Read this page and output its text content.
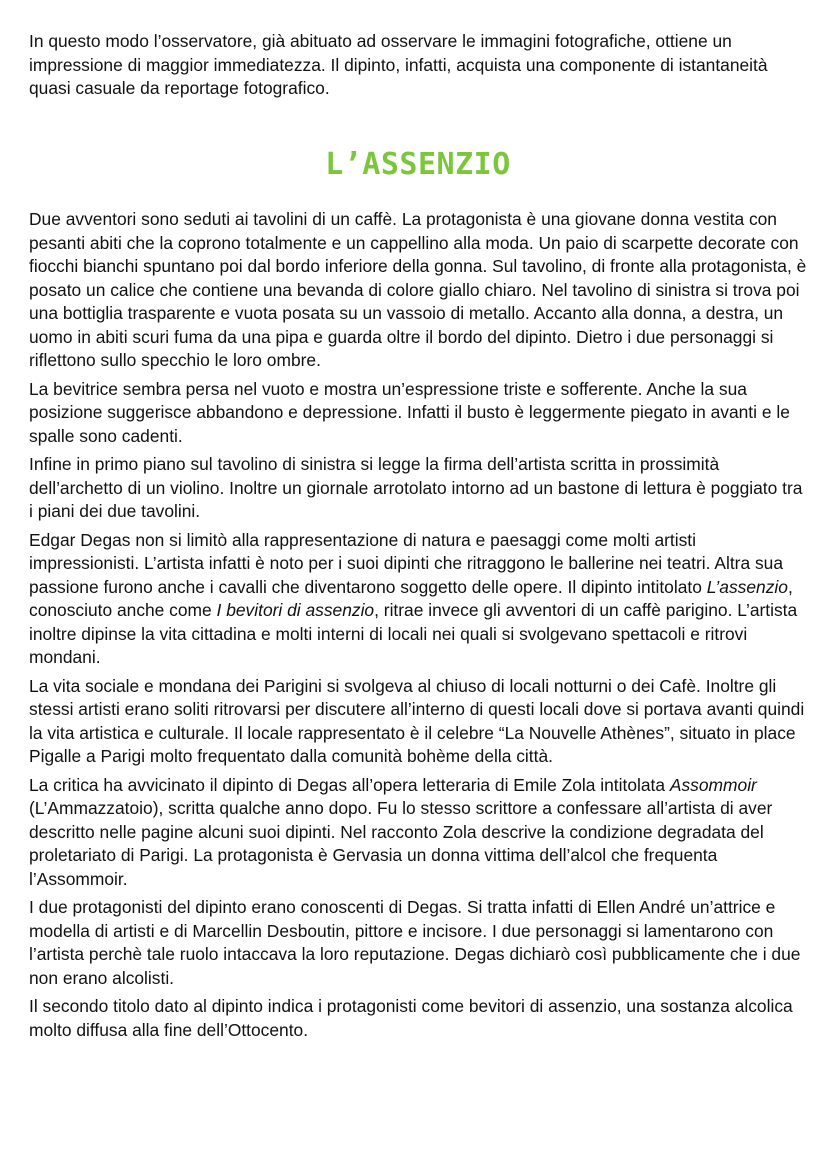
In questo modo l’osservatore, già abituato ad osservare le immagini fotografiche, ottiene un impressione di maggior immediatezza. Il dipinto, infatti, acquista una componente di istantaneità quasi casuale da reportage fotografico.

L’ASSENZIO

Due avventori sono seduti ai tavolini di un caffè. La protagonista è una giovane donna vestita con pesanti abiti che la coprono totalmente e un cappellino alla moda. Un paio di scarpette decorate con fiocchi bianchi spuntano poi dal bordo inferiore della gonna. Sul tavolino, di fronte alla protagonista, è posato un calice che contiene una bevanda di colore giallo chiaro. Nel tavolino di sinistra si trova poi una bottiglia trasparente e vuota posata su un vassoio di metallo. Accanto alla donna, a destra, un uomo in abiti scuri fuma da una pipa e guarda oltre il bordo del dipinto. Dietro i due personaggi si riflettono sullo specchio le loro ombre.

La bevitrice sembra persa nel vuoto e mostra un’espressione triste e sofferente. Anche la sua posizione suggerisce abbandono e depressione. Infatti il busto è leggermente piegato in avanti e le spalle sono cadenti.

Infine in primo piano sul tavolino di sinistra si legge la firma dell’artista scritta in prossimità dell’archetto di un violino. Inoltre un giornale arrotolato intorno ad un bastone di lettura è poggiato tra i piani dei due tavolini.

Edgar Degas non si limitò alla rappresentazione di natura e paesaggi come molti artisti impressionisti. L’artista infatti è noto per i suoi dipinti che ritraggono le ballerine nei teatri. Altra sua passione furono anche i cavalli che diventarono soggetto delle opere. Il dipinto intitolato L’assenzio, conosciuto anche come I bevitori di assenzio, ritrae invece gli avventori di un caffè parigino. L’artista inoltre dipinse la vita cittadina e molti interni di locali nei quali si svolgevano spettacoli e ritrovi mondani.

La vita sociale e mondana dei Parigini si svolgeva al chiuso di locali notturni o dei Cafè. Inoltre gli stessi artisti erano soliti ritrovarsi per discutere all’interno di questi locali dove si portava avanti quindi la vita artistica e culturale. Il locale rappresentato è il celebre “La Nouvelle Athènes”, situato in place Pigalle a Parigi molto frequentato dalla comunità bohème della città.

La critica ha avvicinato il dipinto di Degas all’opera letteraria di Emile Zola intitolata Assommoir (L’Ammazzatoio), scritta qualche anno dopo. Fu lo stesso scrittore a confessare all’artista di aver descritto nelle pagine alcuni suoi dipinti. Nel racconto Zola descrive la condizione degradata del proletariato di Parigi. La protagonista è Gervasia un donna vittima dell’alcol che frequenta l’Assommoir.

I due protagonisti del dipinto erano conoscenti di Degas. Si tratta infatti di Ellen André un’attrice e modella di artisti e di Marcellin Desboutin, pittore e incisore. I due personaggi si lamentarono con l’artista perchè tale ruolo intaccava la loro reputazione. Degas dichiarò così pubblicamente che i due non erano alcolisti.

Il secondo titolo dato al dipinto indica i protagonisti come bevitori di assenzio, una sostanza alcolica molto diffusa alla fine dell’Ottocento.
